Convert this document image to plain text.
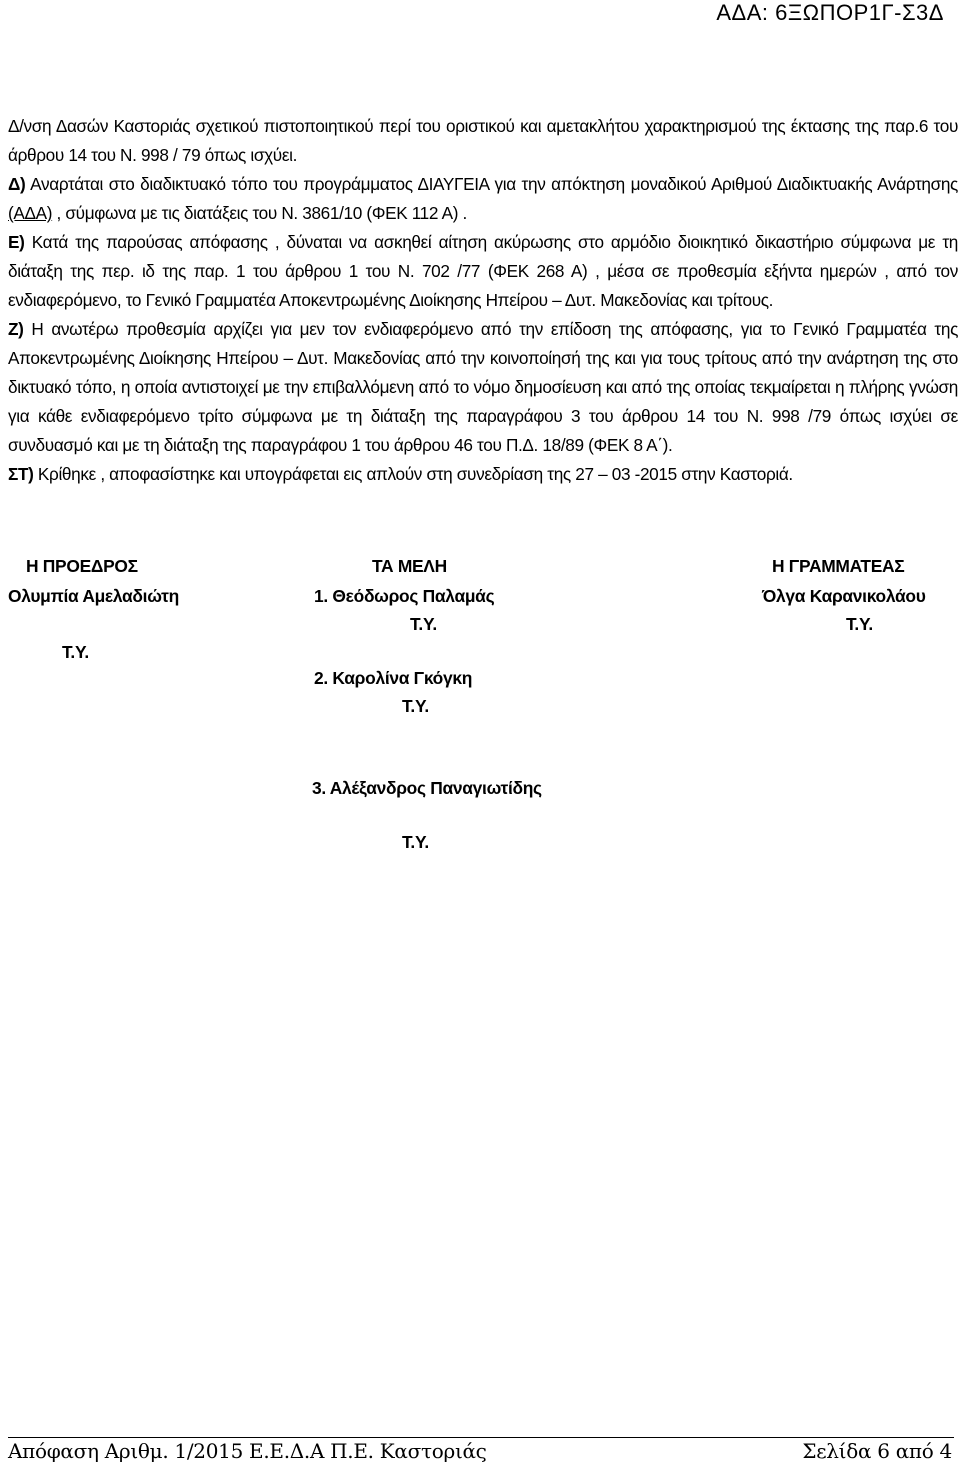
ΑΔΑ: 6ΞΩΠΟΡ1Γ-Σ3Δ

Δ/νση Δασών Καστοριάς σχετικού πιστοποιητικού περί του οριστικού και αμετακλήτου χαρακτηρισμού της έκτασης της παρ.6 του άρθρου 14 του Ν. 998 / 79 όπως ισχύει.

Δ) Αναρτάται στο διαδικτυακό τόπο του προγράμματος ΔΙΑΥΓΕΙΑ για την απόκτηση μοναδικού Αριθμού Διαδικτυακής Ανάρτησης (ΑΔΑ) , σύμφωνα με τις διατάξεις του Ν. 3861/10 (ΦΕΚ 112 Α) .

Ε) Κατά της παρούσας απόφασης , δύναται να ασκηθεί αίτηση ακύρωσης στο αρμόδιο διοικητικό δικαστήριο σύμφωνα με τη διάταξη της περ. ιδ της παρ. 1 του άρθρου 1 του Ν. 702 /77 (ΦΕΚ 268 Α) , μέσα σε προθεσμία εξήντα ημερών , από τον ενδιαφερόμενο, το Γενικό Γραμματέα Αποκεντρωμένης Διοίκησης Ηπείρου – Δυτ. Μακεδονίας και τρίτους.

Ζ) Η ανωτέρω προθεσμία αρχίζει για μεν τον ενδιαφερόμενο από την επίδοση της απόφασης, για το Γενικό Γραμματέα της Αποκεντρωμένης Διοίκησης Ηπείρου – Δυτ. Μακεδονίας από την κοινοποίησή της και για τους τρίτους από την ανάρτηση της στο δικτυακό τόπο, η οποία αντιστοιχεί με την επιβαλλόμενη από το νόμο δημοσίευση και από της οποίας τεκμαίρεται η πλήρης γνώση για κάθε ενδιαφερόμενο τρίτο σύμφωνα με τη διάταξη της παραγράφου 3 του άρθρου 14 του Ν. 998 /79 όπως ισχύει σε συνδυασμό και με τη διάταξη της παραγράφου 1 του άρθρου 46 του Π.Δ. 18/89 (ΦΕΚ 8 Α΄).

ΣΤ) Κρίθηκε , αποφασίστηκε και υπογράφεται εις απλούν στη συνεδρίαση της 27 – 03 -2015 στην Καστοριά.

Η ΠΡΟΕΔΡΟΣ
Ολυμπία Αμελαδιώτη
Τ.Υ.
ΤΑ ΜΕΛΗ
1. Θεόδωρος Παλαμάς
Τ.Υ.
2. Καρολίνα Γκόγκη
Τ.Υ.
3. Αλέξανδρος Παναγιωτίδης
Τ.Υ.
Η ΓΡΑΜΜΑΤΕΑΣ
Όλγα Καρανικολάου
Τ.Υ.
Απόφαση Αριθμ. 1/2015 Ε.Ε.Δ.Α Π.Ε. Καστοριάς	Σελίδα 6 από 4
